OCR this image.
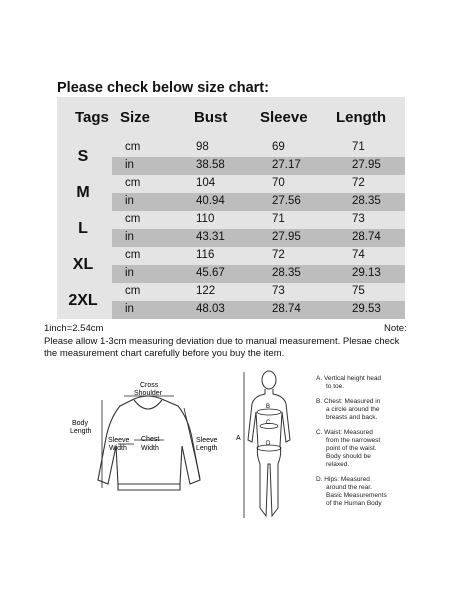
Please check below size chart:
Tags Size	Bust Sleeve Length
S
cm	98	69	71
in	38.58	27.17	27.95
M
cm	104	70	72
in	40.94	27.56	28.35
L
cm	110	71	73
in	43.31	27.95	28.74
XL
cm	116	72	74
in	45.67	28.35	29.13
2XL
cm	122	73	75
in	48.03	28.74	29.53
1inch=2.54cm	Note:
Please allow 1-3cm measuring deviation due to manual measurement. Plesae check
the measurement chart carefully before you buy the item.
Cross
Shoulder
Body
Length
Sleeve
Width
Chest
Width
Sleeve
Length
A
B
C
D
A. Vertical height head
to toe.
B. Chest: Measured in
a circle around the
breasts and back.
C. Waist: Measured
from the narrowest
point of the waist.
Body should be
relaxed.
D. Hips: Measured
around the rear.
Basic Measurements
of the Human Body
